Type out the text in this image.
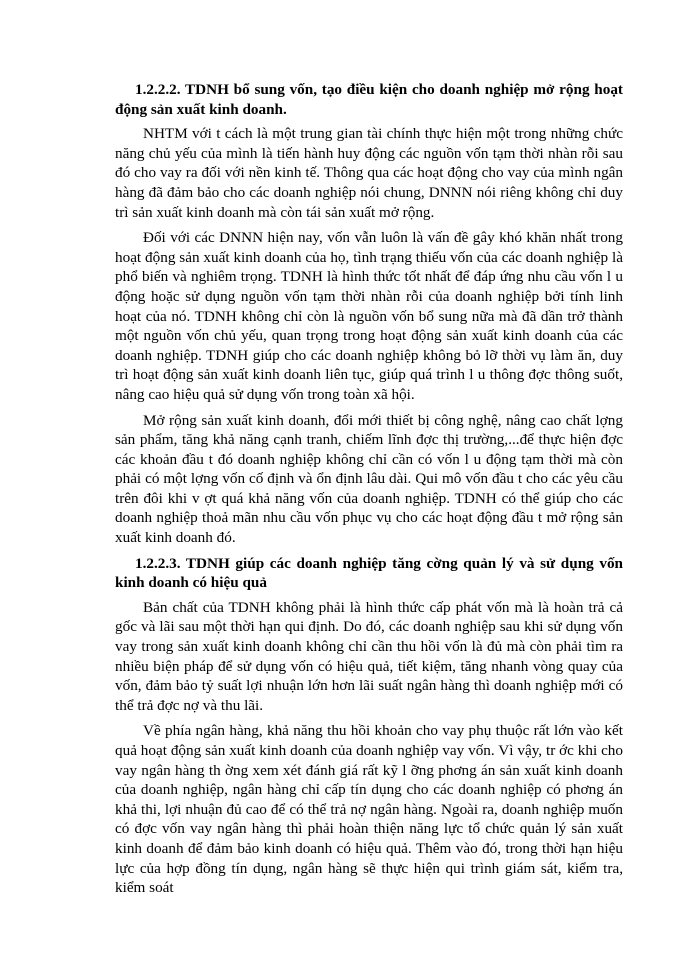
1.2.2.2. TDNH bổ sung vốn, tạo điều kiện cho doanh nghiệp mở rộng hoạt động sản xuất kinh doanh.
NHTM với t cách là một trung gian tài chính thực hiện một trong những chức năng chủ yếu của mình là tiến hành huy động các nguồn vốn tạm thời nhàn rỗi sau đó cho vay ra đối với nền kinh tế. Thông qua các hoạt động cho vay của mình ngân hàng đã đảm bảo cho các doanh nghiệp nói chung, DNNN nói riêng không chỉ duy trì sản xuất kinh doanh mà còn tái sản xuất mở rộng.
Đối với các DNNN hiện nay, vốn vẫn luôn là vấn đề gây khó khăn nhất trong hoạt động sản xuất kinh doanh của họ, tình trạng thiếu vốn của các doanh nghiệp là phổ biến và nghiêm trọng. TDNH là hình thức tốt nhất để đáp ứng nhu cầu vốn l u động hoặc sử dụng nguồn vốn tạm thời nhàn rỗi của doanh nghiệp bởi tính linh hoạt của nó. TDNH không chỉ còn là nguồn vốn bổ sung nữa mà đã dần trở thành một nguồn vốn chủ yếu, quan trọng trong hoạt động sản xuất kinh doanh của các doanh nghiệp. TDNH giúp cho các doanh nghiệp không bỏ lỡ thời vụ làm ăn, duy trì hoạt động sản xuất kinh doanh liên tục, giúp quá trình l u thông đợc thông suốt, nâng cao hiệu quả sử dụng vốn trong toàn xã hội.
Mở rộng sản xuất kinh doanh, đổi mới thiết bị công nghệ, nâng cao chất lợng sản phẩm, tăng khả năng cạnh tranh, chiếm lĩnh đợc thị trường,...để thực hiện đợc các khoản đầu t đó doanh nghiệp không chỉ cần có vốn l u động tạm thời mà còn phải có một lợng vốn cố định và ổn định lâu dài. Qui mô vốn đầu t cho các yêu cầu trên đôi khi v ợt quá khả năng vốn của doanh nghiệp. TDNH có thể giúp cho các doanh nghiệp thoả mãn nhu cầu vốn phục vụ cho các hoạt động đầu t mở rộng sản xuất kinh doanh đó.
1.2.2.3. TDNH giúp các doanh nghiệp tăng cờng quản lý và sử dụng vốn kinh doanh có hiệu quả
Bản chất của TDNH không phải là hình thức cấp phát vốn mà là hoàn trả cả gốc và lãi sau một thời hạn qui định. Do đó, các doanh nghiệp sau khi sử dụng vốn vay trong sản xuất kinh doanh không chỉ cần thu hồi vốn là đủ mà còn phải tìm ra nhiều biện pháp để sử dụng vốn có hiệu quả, tiết kiệm, tăng nhanh vòng quay của vốn, đảm bảo tỷ suất lợi nhuận lớn hơn lãi suất ngân hàng thì doanh nghiệp mới có thể trả đợc nợ và thu lãi.
Về phía ngân hàng, khả năng thu hồi khoản cho vay phụ thuộc rất lớn vào kết quả hoạt động sản xuất kinh doanh của doanh nghiệp vay vốn. Vì vậy, tr ớc khi cho vay ngân hàng th ờng xem xét đánh giá rất kỹ l ỡng phơng án sản xuất kinh doanh của doanh nghiệp, ngân hàng chỉ cấp tín dụng cho các doanh nghiệp có phơng án khả thi, lợi nhuận đủ cao để có thể trả nợ ngân hàng. Ngoài ra, doanh nghiệp muốn có đợc vốn vay ngân hàng thì phải hoàn thiện năng lực tổ chức quản lý sản xuất kinh doanh để đảm bảo kinh doanh có hiệu quả. Thêm vào đó, trong thời hạn hiệu lực của hợp đồng tín dụng, ngân hàng sẽ thực hiện qui trình giám sát, kiểm tra, kiểm soát
